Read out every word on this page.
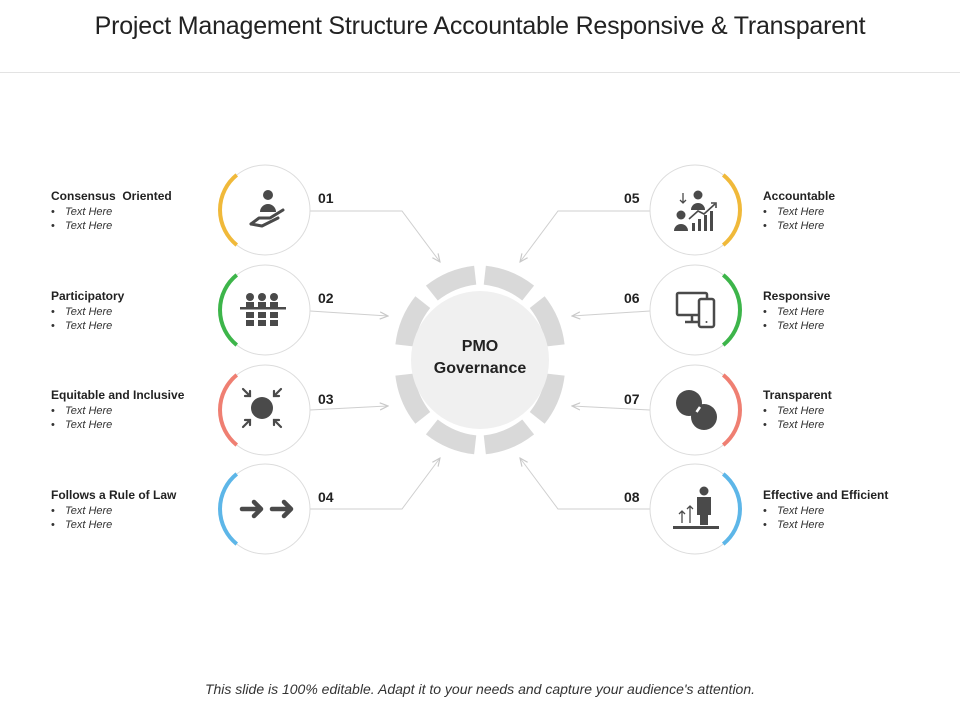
Project Management Structure Accountable Responsive & Transparent
PMO
Governance
01
02
03
04
05
06
07
08
Consensus  Oriented
• Text Here
• Text Here
Participatory
• Text Here
• Text Here
Equitable and Inclusive
• Text Here
• Text Here
Follows a Rule of Law
• Text Here
• Text Here
Accountable
• Text Here
• Text Here
Responsive
• Text Here
• Text Here
Transparent
• Text Here
• Text Here
Effective and Efficient
• Text Here
• Text Here
This slide is 100% editable. Adapt it to your needs and capture your audience's attention.
